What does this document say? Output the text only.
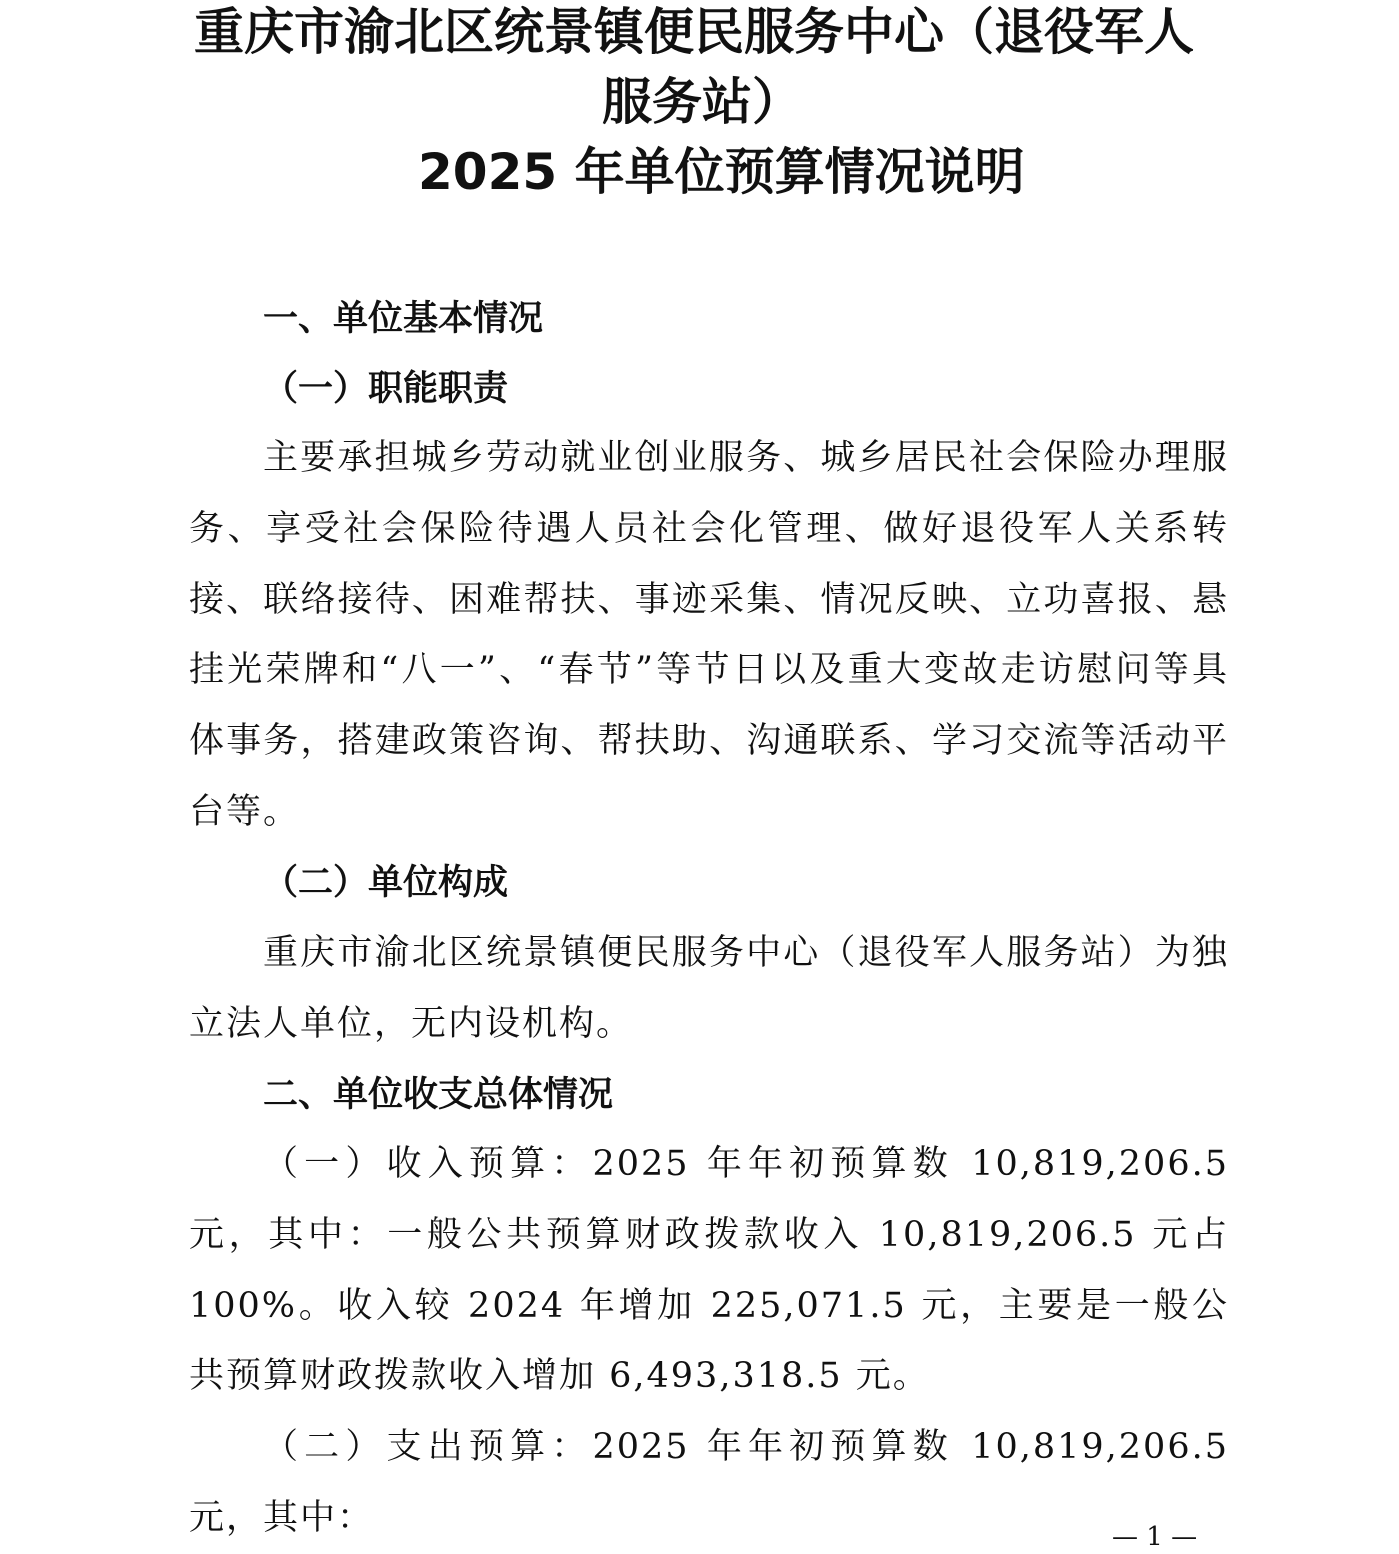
重庆市渝北区统景镇便民服务中心（退役军人
服务站）
2025 年单位预算情况说明
一、单位基本情况
（一）职能职责

主要承担城乡劳动就业创业服务、城乡居民社会保险办理服务、享受社会保险待遇人员社会化管理、做好退役军人关系转接、联络接待、困难帮扶、事迹采集、情况反映、立功喜报、悬挂光荣牌和“八一”、“春节”等节日以及重大变故走访慰问等具体事务，搭建政策咨询、帮扶助、沟通联系、学习交流等活动平台等。

（二）单位构成

重庆市渝北区统景镇便民服务中心（退役军人服务站）为独立法人单位，无内设机构。

二、单位收支总体情况

（一）收入预算：2025 年年初预算数 10,819,206.5 元，其中：一般公共预算财政拨款收入 10,819,206.5 元占 100%。收入较 2024 年增加 225,071.5 元，主要是一般公共预算财政拨款收入增加 6,493,318.5 元。

（二）支出预算：2025 年年初预算数 10,819,206.5 元，其中：	— 1 —
